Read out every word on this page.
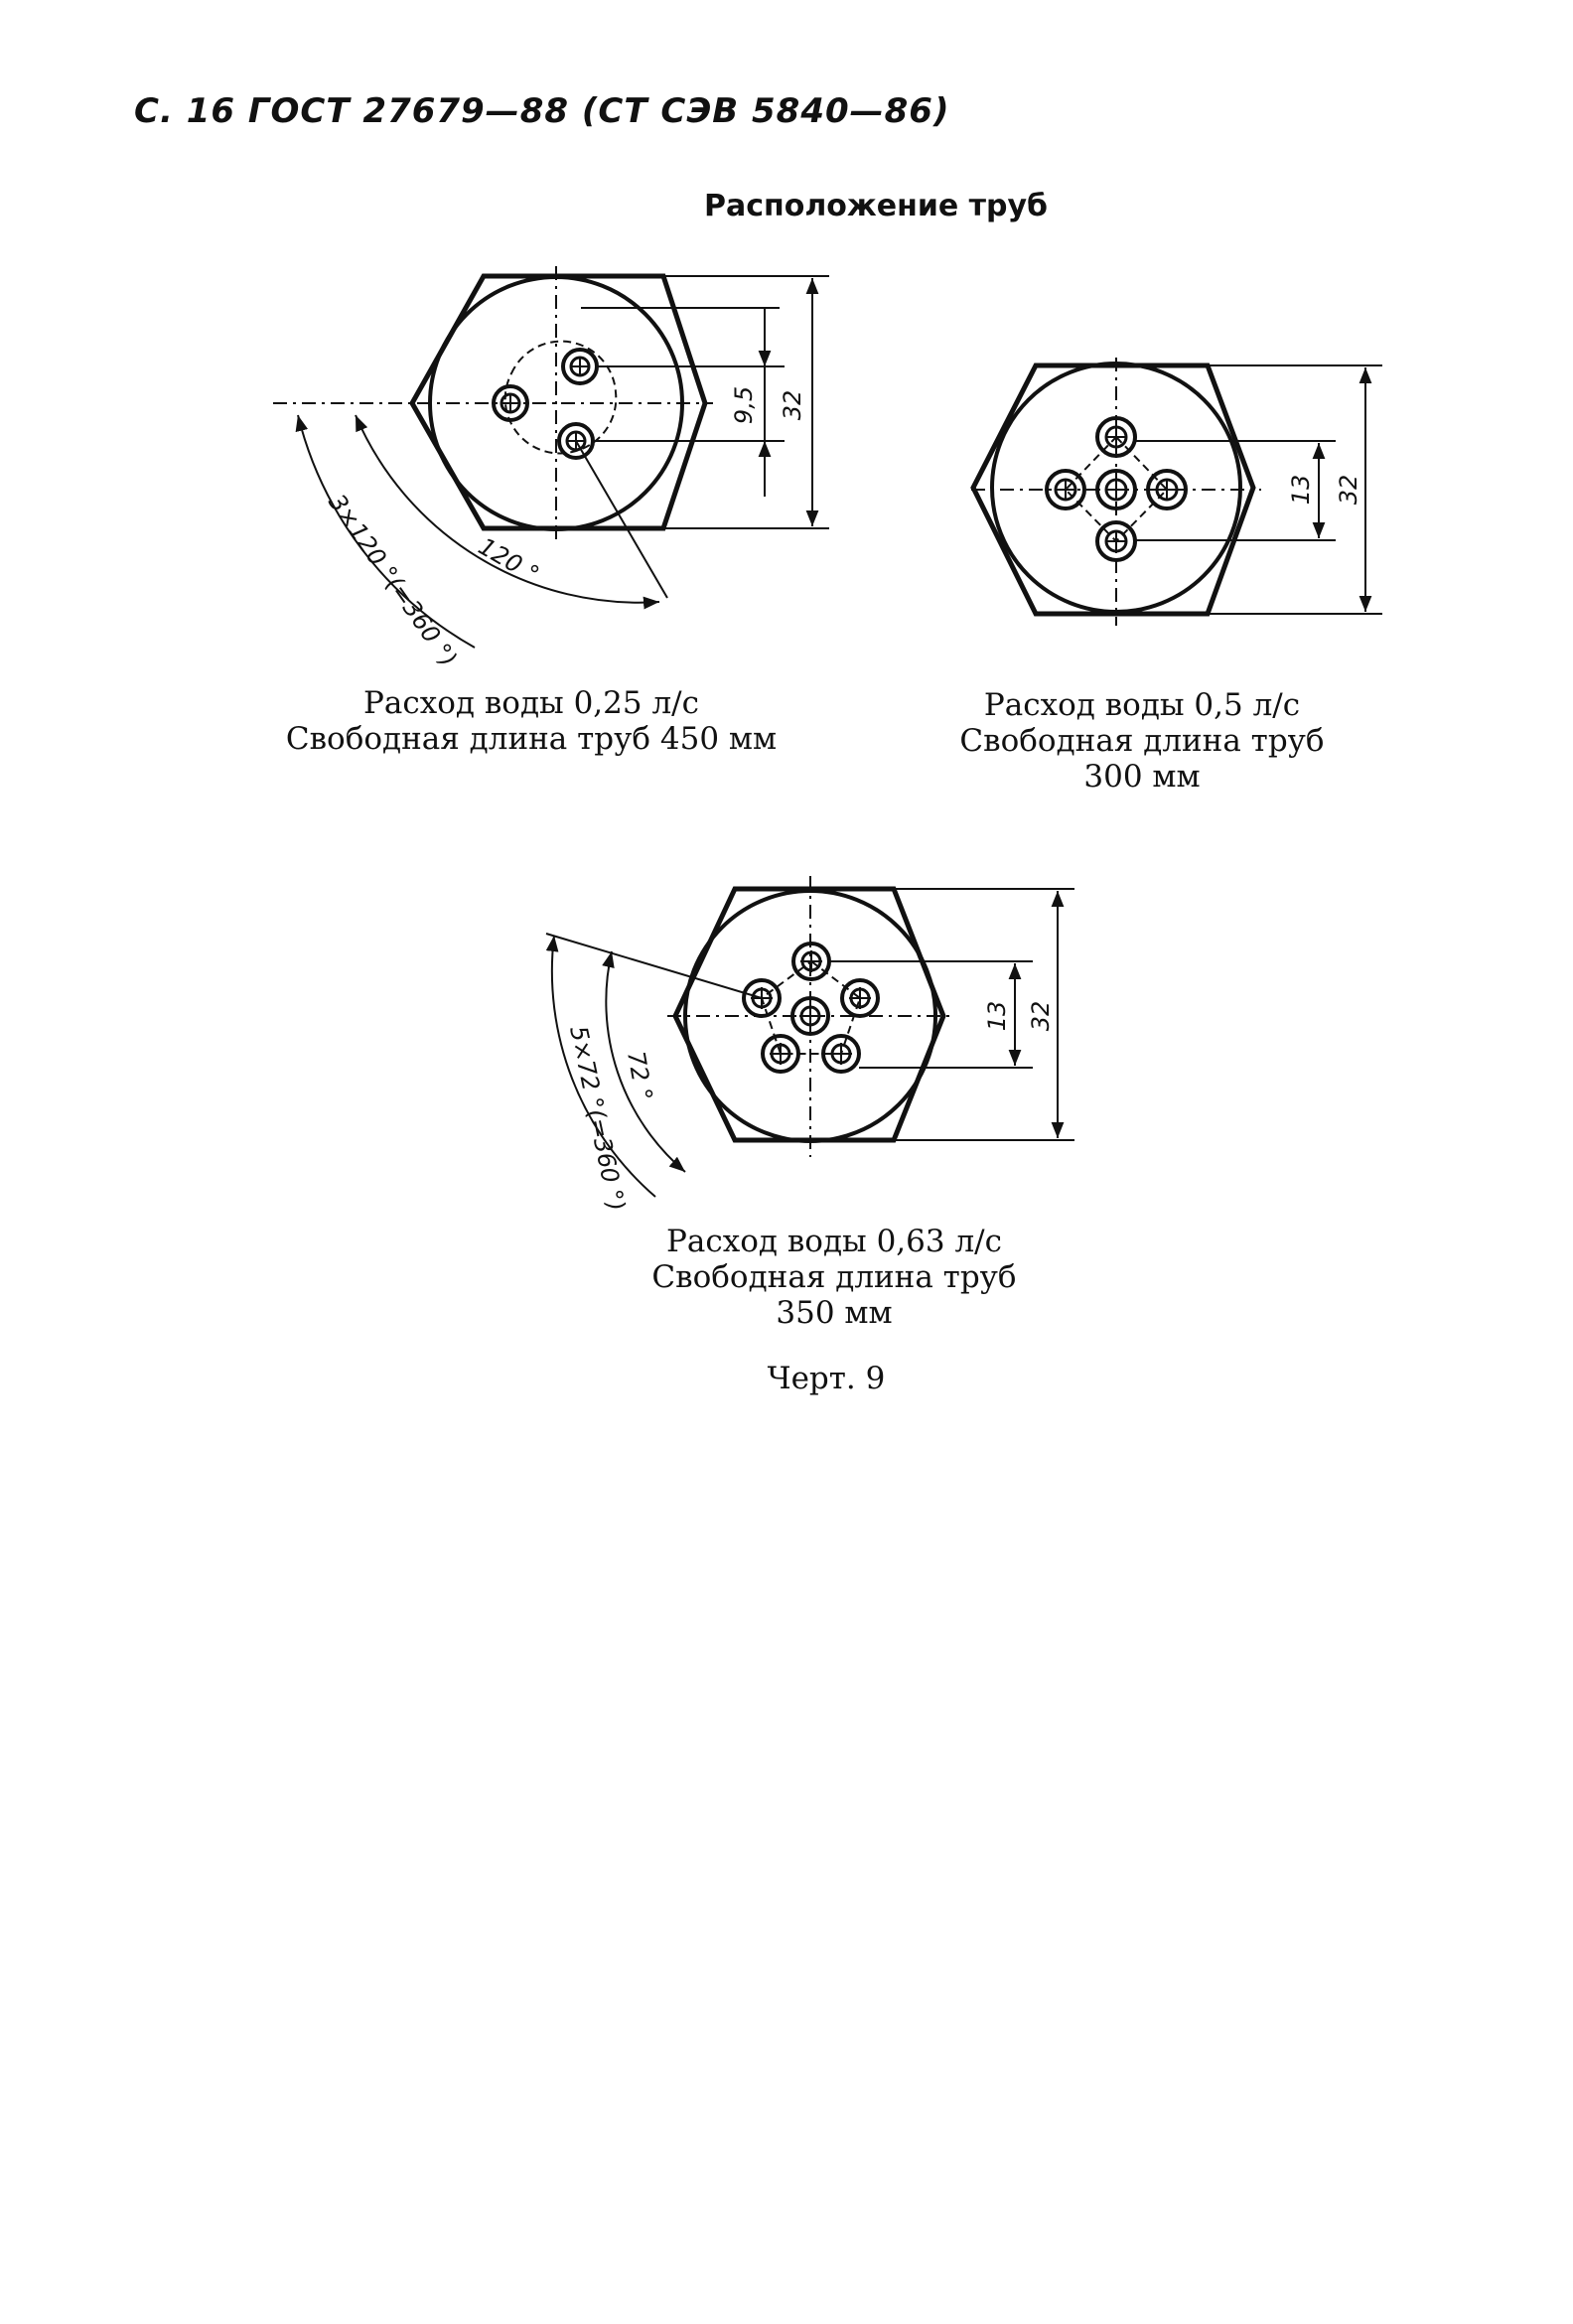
С. 16 ГОСТ 27679—88 (СТ СЭВ 5840—86)
Расположение труб
9,5 32
120 °
3×120 °(=360 °)	13 32
13 32
72 °
5×72 °(=360 °)
Расход воды 0,25 л/с
Свободная длина труб 450 мм
Расход воды 0,5 л/с
Свободная длина труб
300 мм
Расход воды 0,63 л/с
Свободная длина труб
350 мм
Черт. 9
